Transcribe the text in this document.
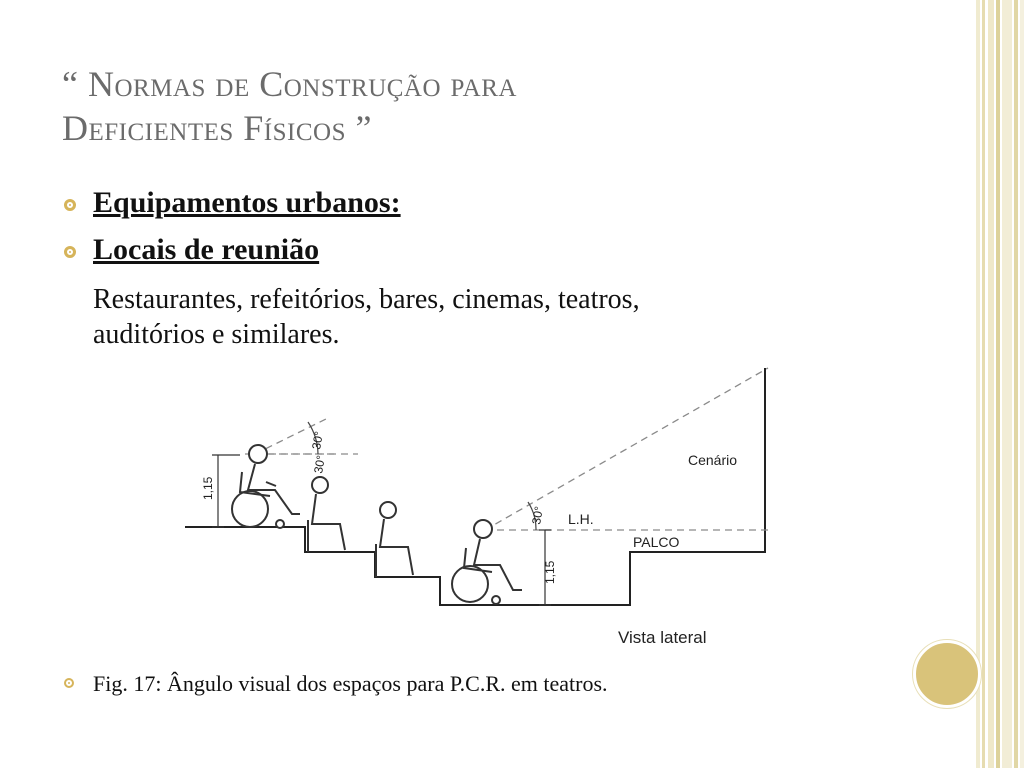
“ Normas de Construção para
Deficientes Físicos ”
Equipamentos urbanos:
Locais de reunião
Restaurantes, refeitórios, bares, cinemas, teatros,
auditórios e similares.
1,15
30°
30°
30°
Cenário
L.H.
PALCO
1,15
Vista lateral
Fig. 17: Ângulo visual dos espaços para P.C.R. em teatros.
